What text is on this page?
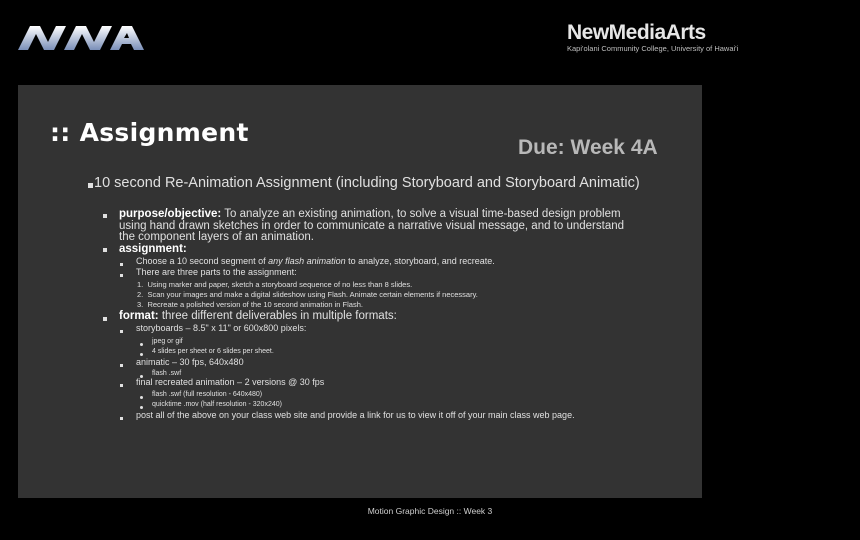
NewMediaArts
Kapi'olani Community College, University of Hawai'i
:: Assignment
Due: Week 4A
10 second Re-Animation Assignment (including Storyboard and Storyboard Animatic)
purpose/objective: To analyze an existing animation, to solve a visual time-based design problem using hand drawn sketches in order to communicate a narrative visual message, and to understand the component layers of an animation.
assignment:
Choose a 10 second segment of any flash animation to analyze, storyboard, and recreate.
There are three parts to the assignment:
1. Using marker and paper, sketch a storyboard sequence of no less than 8 slides.
2. Scan your images and make a digital slideshow using Flash. Animate certain elements if necessary.
3. Recreate a polished version of the 10 second animation in Flash.
format: three different deliverables in multiple formats:
storyboards – 8.5" x 11" or 600x800 pixels:
jpeg or gif
4 slides per sheet or 6 slides per sheet.
animatic – 30 fps, 640x480
flash .swf
final recreated animation – 2 versions @ 30 fps
flash .swf (full resolution - 640x480)
quicktime .mov (half resolution - 320x240)
post all of the above on your class web site and provide a link for us to view it off of your main class web page.
Motion Graphic Design :: Week 3
